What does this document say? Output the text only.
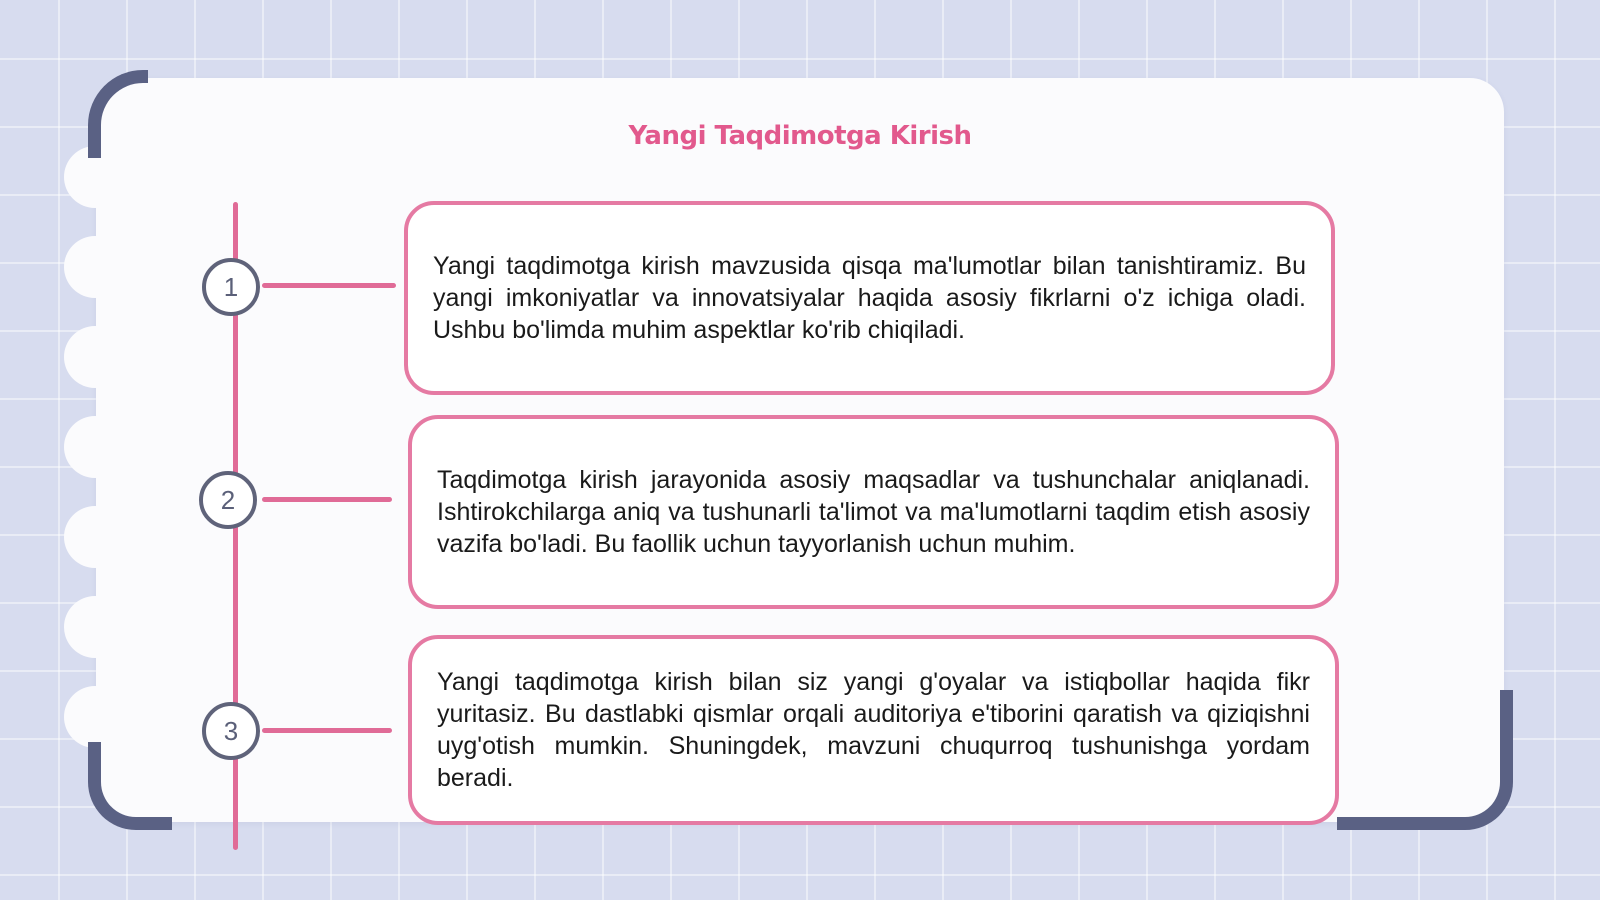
Yangi Taqdimotga Kirish
1

Yangi taqdimotga kirish mavzusida qisqa ma'lumotlar bilan tanishtiramiz. Bu yangi imkoniyatlar va innovatsiyalar haqida asosiy fikrlarni o'z ichiga oladi. Ushbu bo'limda muhim aspektlar ko'rib chiqiladi.

2

Taqdimotga kirish jarayonida asosiy maqsadlar va tushunchalar aniqlanadi. Ishtirokchilarga aniq va tushunarli ta'limot va ma'lumotlarni taqdim etish asosiy vazifa bo'ladi. Bu faollik uchun tayyorlanish uchun muhim.

3

Yangi taqdimotga kirish bilan siz yangi g'oyalar va istiqbollar haqida fikr yuritasiz. Bu dastlabki qismlar orqali auditoriya e'tiborini qaratish va qiziqishni uyg'otish mumkin. Shuningdek, mavzuni chuqurroq tushunishga yordam beradi.
